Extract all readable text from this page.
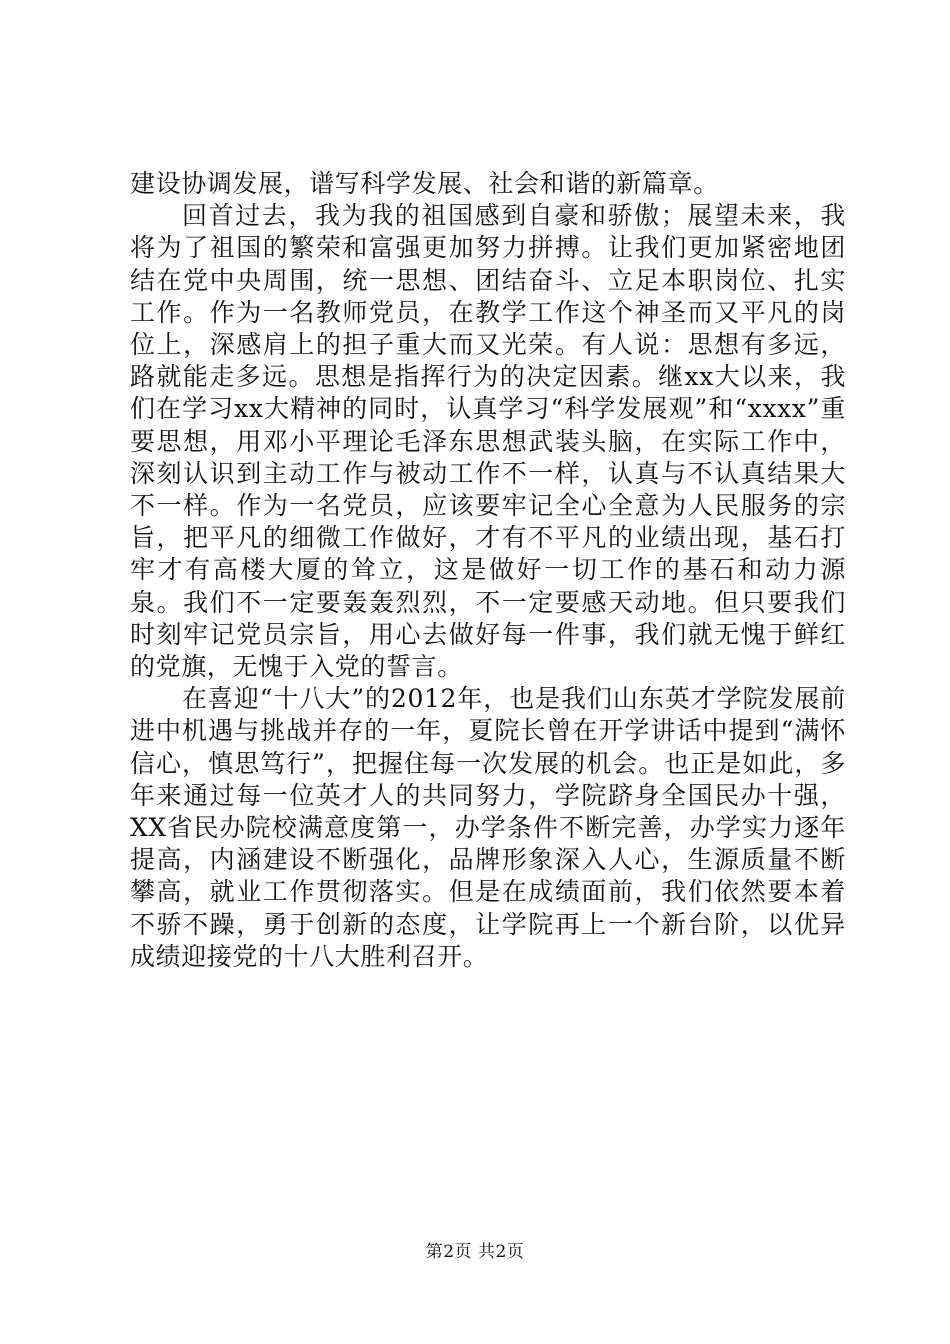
建设协调发展，谱写科学发展、社会和谐的新篇章。

回首过去，我为我的祖国感到自豪和骄傲；展望未来，我将为了祖国的繁荣和富强更加努力拼搏。让我们更加紧密地团结在党中央周围，统一思想、团结奋斗、立足本职岗位、扎实工作。作为一名教师党员，在教学工作这个神圣而又平凡的岗位上，深感肩上的担子重大而又光荣。有人说：思想有多远，路就能走多远。思想是指挥行为的决定因素。继xx大以来，我们在学习xx大精神的同时，认真学习“科学发展观”和“xxxx”重要思想，用邓小平理论毛泽东思想武装头脑，在实际工作中，深刻认识到主动工作与被动工作不一样，认真与不认真结果大不一样。作为一名党员，应该要牢记全心全意为人民服务的宗旨，把平凡的细微工作做好，才有不平凡的业绩出现，基石打牢才有高楼大厦的耸立，这是做好一切工作的基石和动力源泉。我们不一定要轰轰烈烈，不一定要感天动地。但只要我们时刻牢记党员宗旨，用心去做好每一件事，我们就无愧于鲜红的党旗，无愧于入党的誓言。

在喜迎“十八大”的2012年，也是我们山东英才学院发展前进中机遇与挑战并存的一年，夏院长曾在开学讲话中提到“满怀信心，慎思笃行”，把握住每一次发展的机会。也正是如此，多年来通过每一位英才人的共同努力，学院跻身全国民办十强，XX省民办院校满意度第一，办学条件不断完善，办学实力逐年提高，内涵建设不断强化，品牌形象深入人心，生源质量不断攀高，就业工作贯彻落实。但是在成绩面前，我们依然要本着不骄不躁，勇于创新的态度，让学院再上一个新台阶，以优异成绩迎接党的十八大胜利召开。

第2页 共2页
